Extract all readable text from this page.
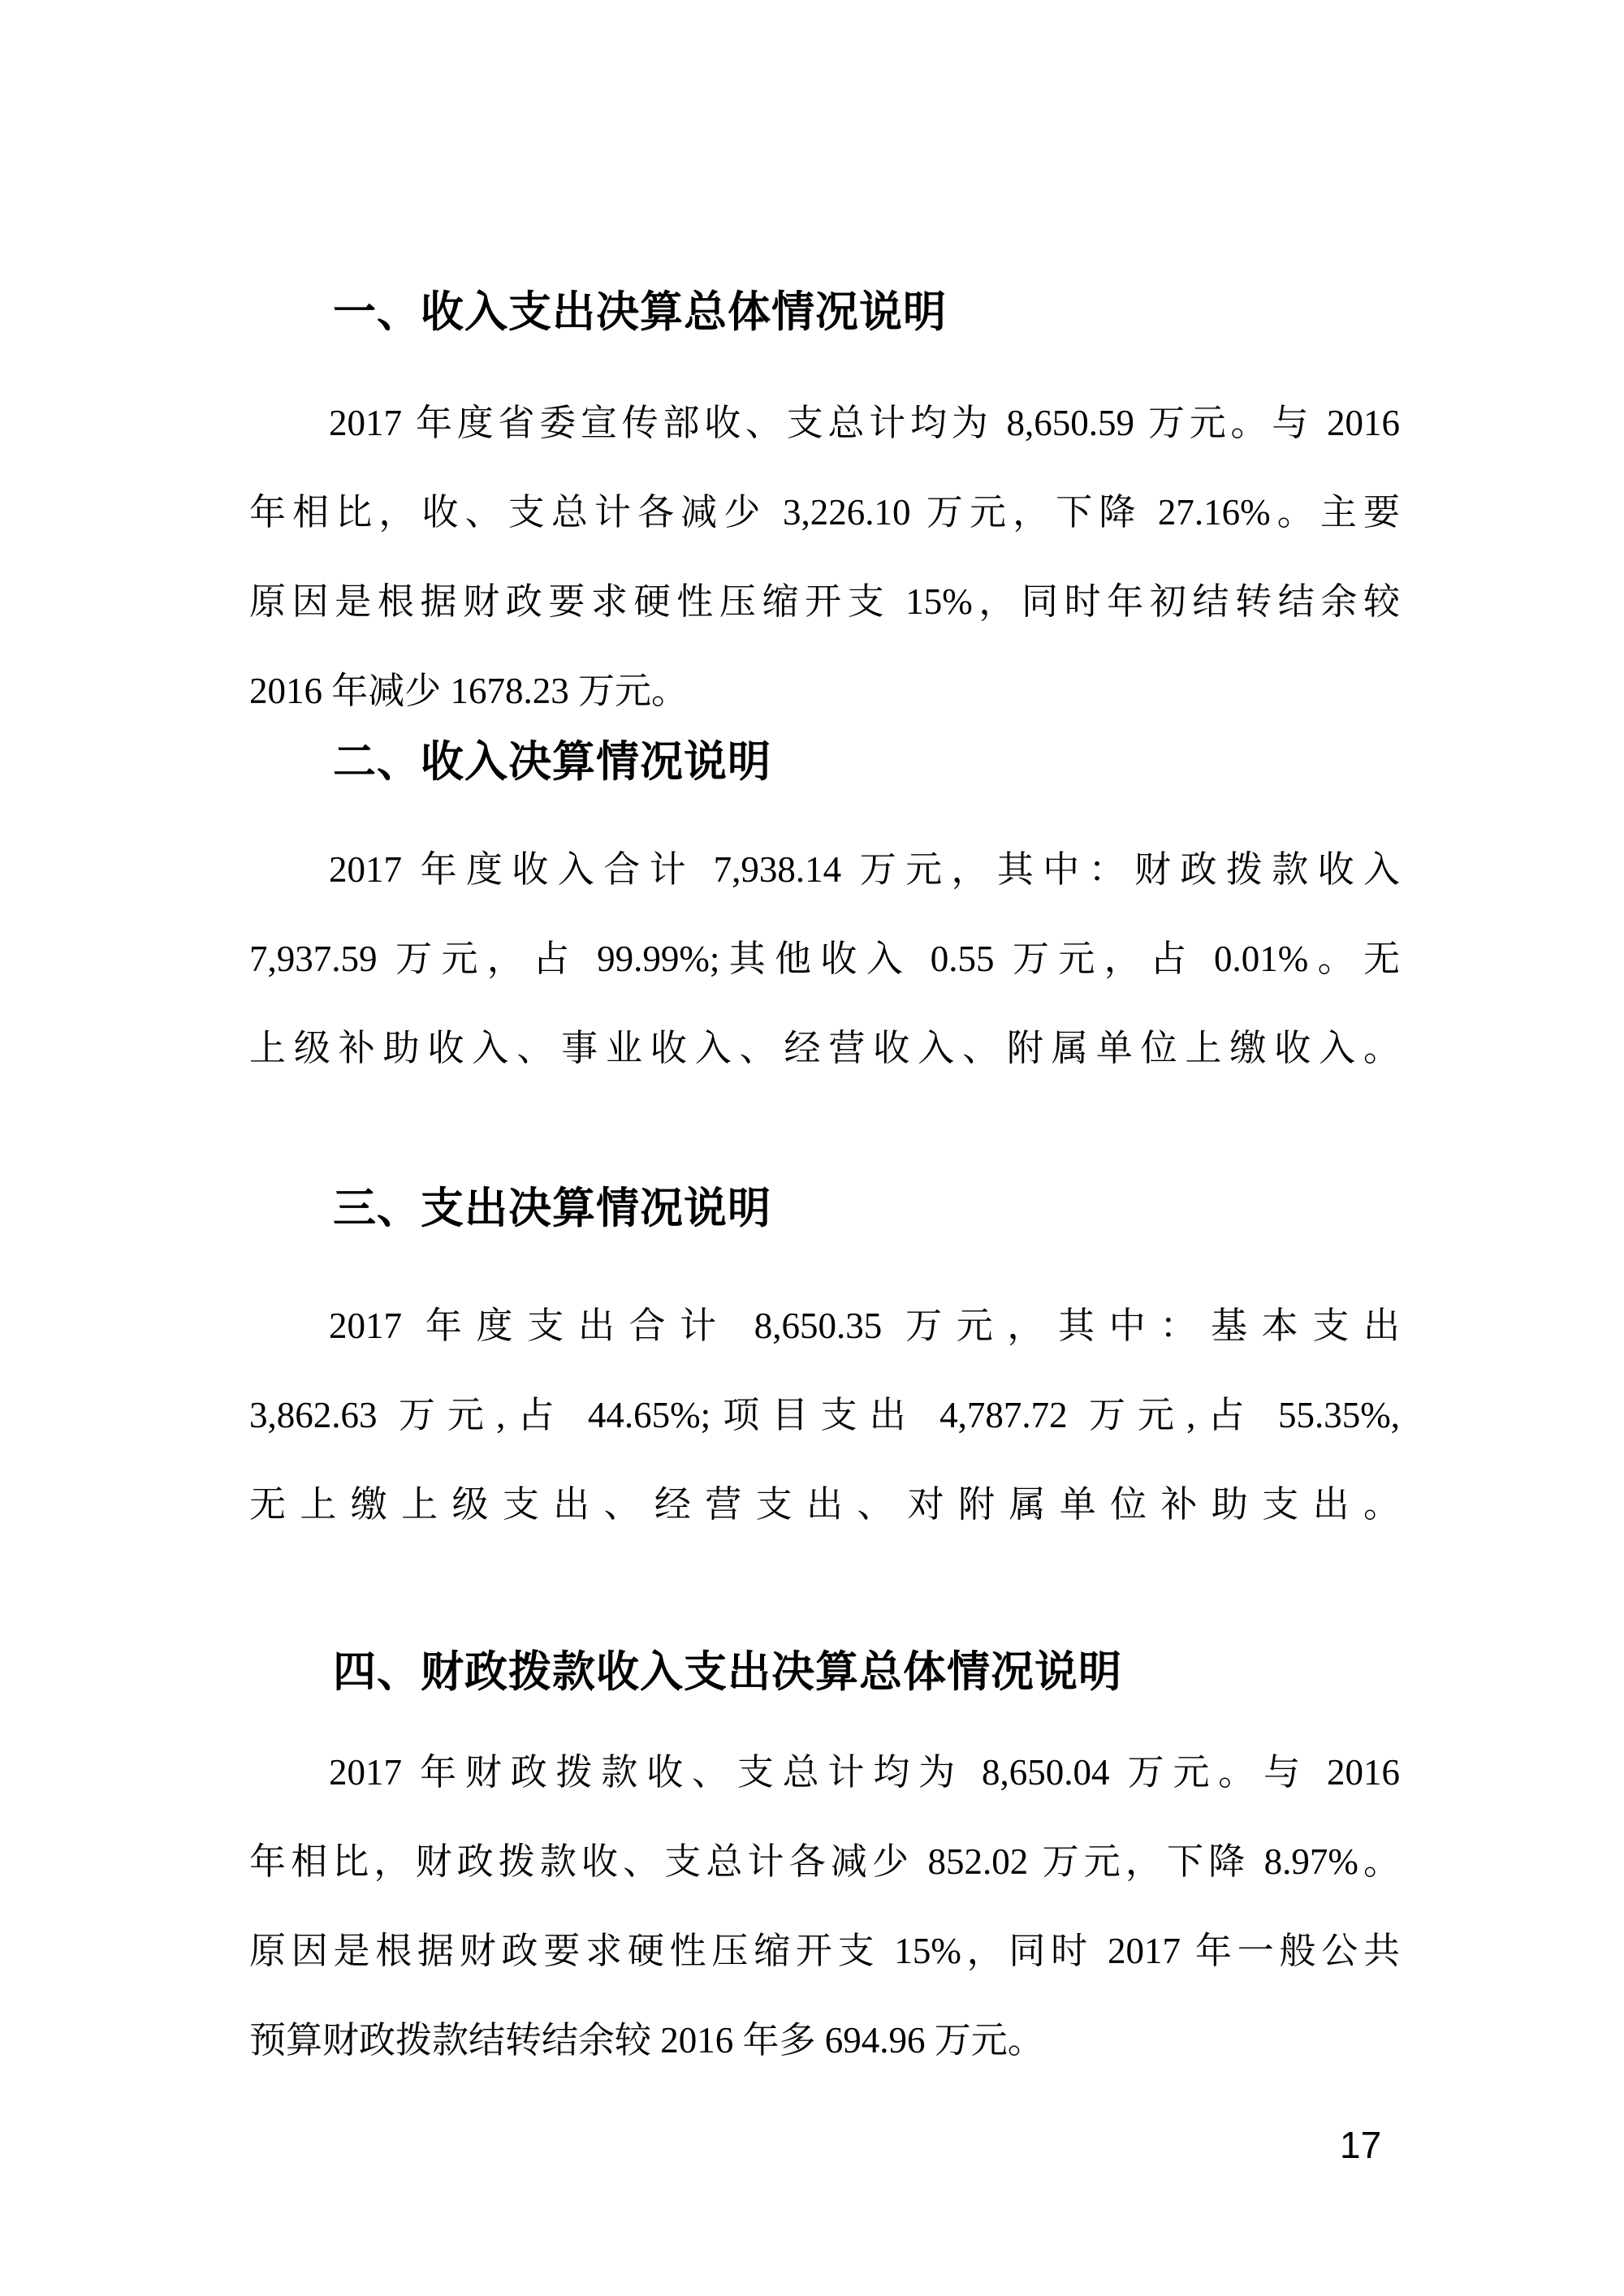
一、收入支出决算总体情况说明
2017 年度省委宣传部收、支总计均为 8,650.59 万元。与 2016
年相比，收、支总计各减少 3,226.10 万元，下降 27.16%。主要
原因是根据财政要求硬性压缩开支 15%，同时年初结转结余较
2016 年减少 1678.23 万元。
二、收入决算情况说明
2017 年度收入合计 7,938.14 万元，其中：财政拨款收入
7,937.59 万元，占 99.99%;其他收入 0.55 万元，占 0.01%。无
上级补助收入、事业收入、经营收入、附属单位上缴收入。
三、支出决算情况说明
2017 年度支出合计 8,650.35 万元，其中：基本支出
3,862.63 万元,占 44.65%;项目支出 4,787.72 万元,占 55.35%,
无上缴上级支出、经营支出、对附属单位补助支出。
四、财政拨款收入支出决算总体情况说明
2017 年财政拨款收、支总计均为 8,650.04 万元。与 2016
年相比，财政拨款收、支总计各减少 852.02 万元，下降 8.97%。
原因是根据财政要求硬性压缩开支 15%，同时 2017 年一般公共
预算财政拨款结转结余较 2016 年多 694.96 万元。
17
